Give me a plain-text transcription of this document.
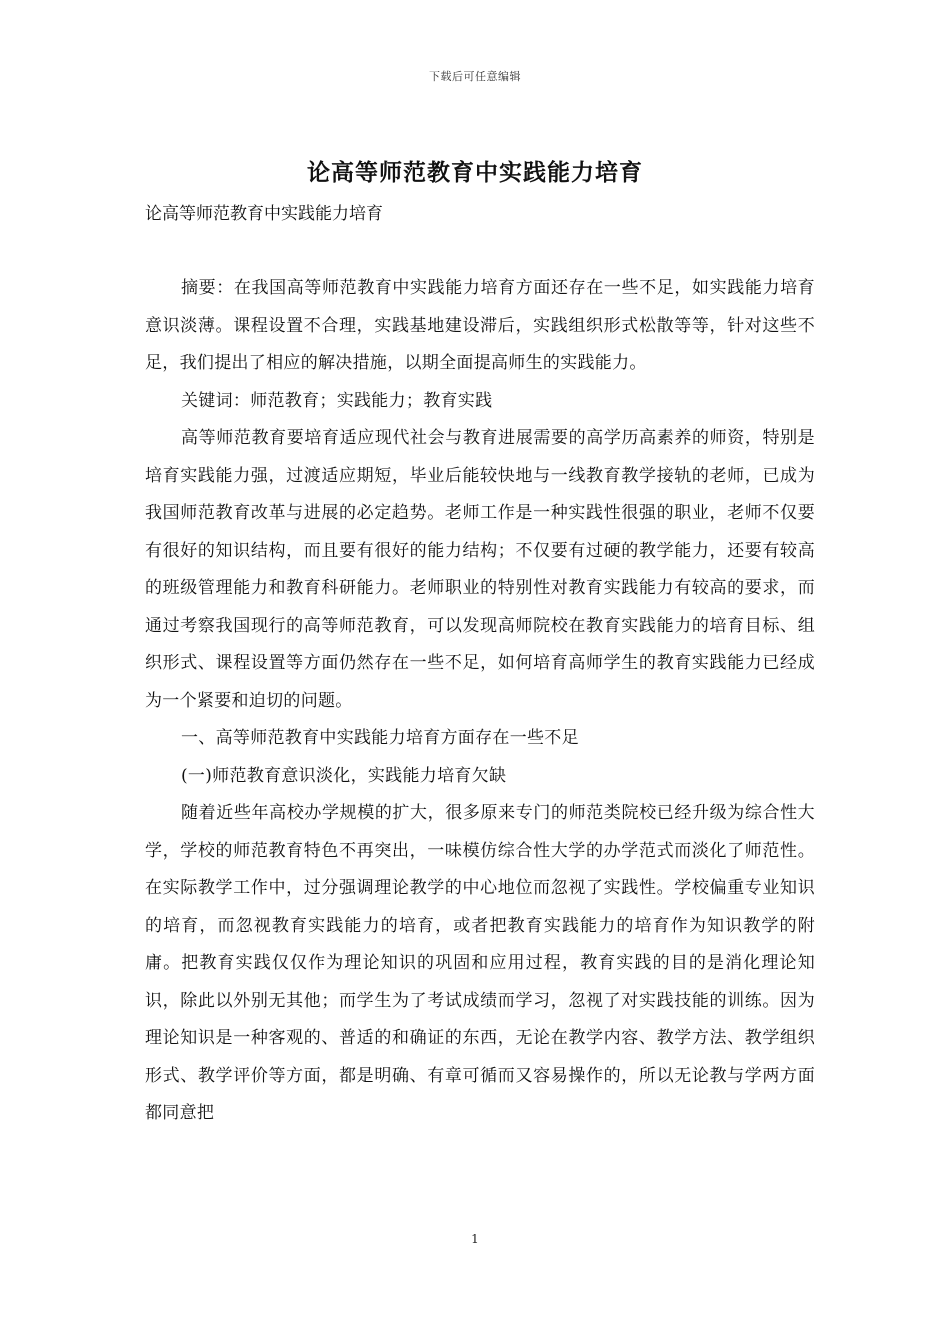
下载后可任意编辑
论高等师范教育中实践能力培育

论高等师范教育中实践能力培育

摘要：在我国高等师范教育中实践能力培育方面还存在一些不足，如实践能力培育意识淡薄。课程设置不合理，实践基地建设滞后，实践组织形式松散等等，针对这些不足，我们提出了相应的解决措施，以期全面提高师生的实践能力。

关键词：师范教育；实践能力；教育实践

高等师范教育要培育适应现代社会与教育进展需要的高学历高素养的师资，特别是培育实践能力强，过渡适应期短，毕业后能较快地与一线教育教学接轨的老师，已成为我国师范教育改革与进展的必定趋势。老师工作是一种实践性很强的职业，老师不仅要有很好的知识结构，而且要有很好的能力结构；不仅要有过硬的教学能力，还要有较高的班级管理能力和教育科研能力。老师职业的特别性对教育实践能力有较高的要求，而通过考察我国现行的高等师范教育，可以发现高师院校在教育实践能力的培育目标、组织形式、课程设置等方面仍然存在一些不足，如何培育高师学生的教育实践能力已经成为一个紧要和迫切的问题。

一、高等师范教育中实践能力培育方面存在一些不足

(一)师范教育意识淡化，实践能力培育欠缺

随着近些年高校办学规模的扩大，很多原来专门的师范类院校已经升级为综合性大学，学校的师范教育特色不再突出，一味模仿综合性大学的办学范式而淡化了师范性。在实际教学工作中，过分强调理论教学的中心地位而忽视了实践性。学校偏重专业知识的培育，而忽视教育实践能力的培育，或者把教育实践能力的培育作为知识教学的附庸。把教育实践仅仅作为理论知识的巩固和应用过程，教育实践的目的是消化理论知识，除此以外别无其他；而学生为了考试成绩而学习，忽视了对实践技能的训练。因为理论知识是一种客观的、普适的和确证的东西，无论在教学内容、教学方法、教学组织形式、教学评价等方面，都是明确、有章可循而又容易操作的，所以无论教与学两方面都同意把

1
